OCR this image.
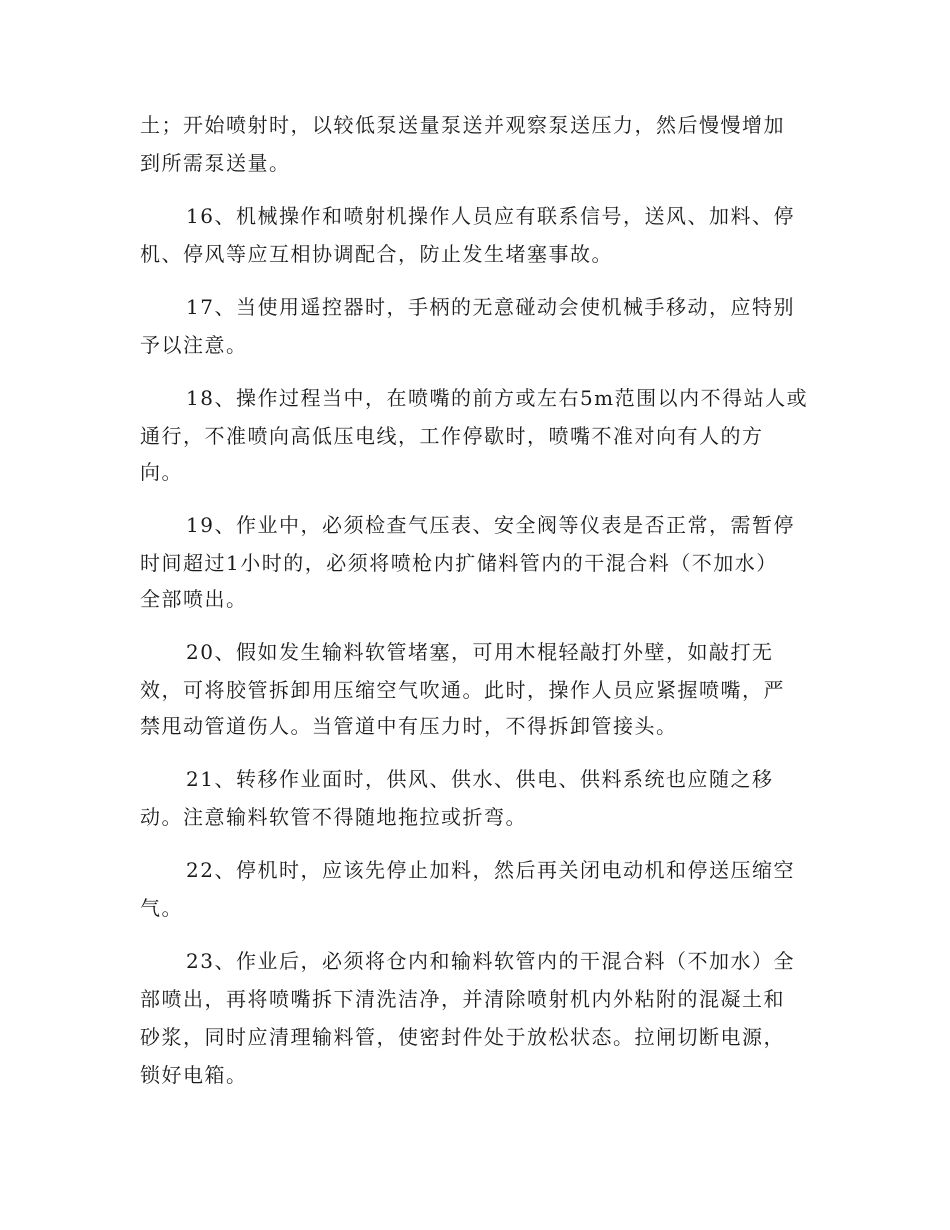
土；开始喷射时，以较低泵送量泵送并观察泵送压力，然后慢慢增加
到所需泵送量。
16、机械操作和喷射机操作人员应有联系信号，送风、加料、停
机、停风等应互相协调配合，防止发生堵塞事故。
17、当使用遥控器时，手柄的无意碰动会使机械手移动，应特别
予以注意。
18、操作过程当中，在喷嘴的前方或左右5m范围以内不得站人或
通行，不准喷向高低压电线，工作停歇时，喷嘴不准对向有人的方
向。
19、作业中，必须检查气压表、安全阀等仪表是否正常，需暂停
时间超过1小时的，必须将喷枪内扩储料管内的干混合料（不加水）
全部喷出。
20、假如发生输料软管堵塞，可用木棍轻敲打外壁，如敲打无
效，可将胶管拆卸用压缩空气吹通。此时，操作人员应紧握喷嘴，严
禁甩动管道伤人。当管道中有压力时，不得拆卸管接头。
21、转移作业面时，供风、供水、供电、供料系统也应随之移
动。注意输料软管不得随地拖拉或折弯。
22、停机时，应该先停止加料，然后再关闭电动机和停送压缩空
气。
23、作业后，必须将仓内和输料软管内的干混合料（不加水）全
部喷出，再将喷嘴拆下清洗洁净，并清除喷射机内外粘附的混凝土和
砂浆，同时应清理输料管，使密封件处于放松状态。拉闸切断电源，
锁好电箱。
